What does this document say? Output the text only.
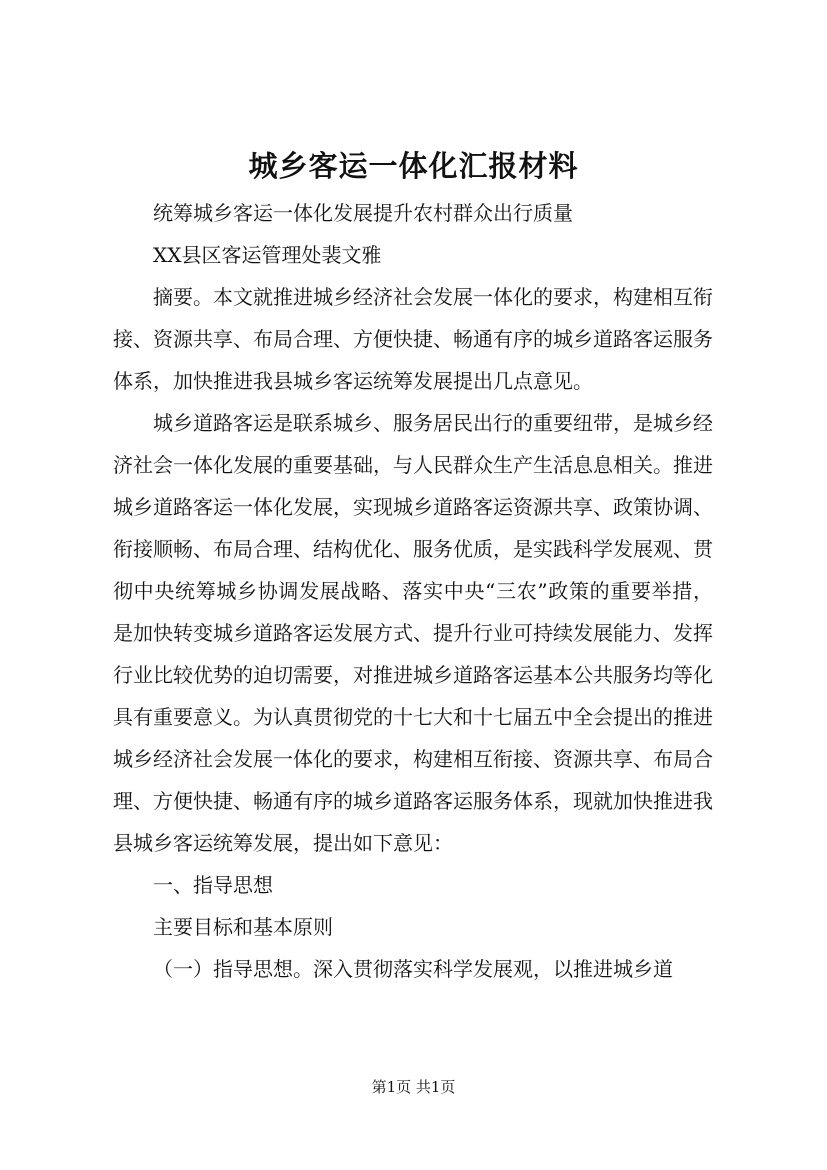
城乡客运一体化汇报材料

统筹城乡客运一体化发展提升农村群众出行质量

XX县区客运管理处裴文雅

摘要。本文就推进城乡经济社会发展一体化的要求，构建相互衔接、资源共享、布局合理、方便快捷、畅通有序的城乡道路客运服务体系，加快推进我县城乡客运统筹发展提出几点意见。

城乡道路客运是联系城乡、服务居民出行的重要纽带，是城乡经济社会一体化发展的重要基础，与人民群众生产生活息息相关。推进城乡道路客运一体化发展，实现城乡道路客运资源共享、政策协调、衔接顺畅、布局合理、结构优化、服务优质，是实践科学发展观、贯彻中央统筹城乡协调发展战略、落实中央“三农”政策的重要举措，是加快转变城乡道路客运发展方式、提升行业可持续发展能力、发挥行业比较优势的迫切需要，对推进城乡道路客运基本公共服务均等化具有重要意义。为认真贯彻党的十七大和十七届五中全会提出的推进城乡经济社会发展一体化的要求，构建相互衔接、资源共享、布局合理、方便快捷、畅通有序的城乡道路客运服务体系，现就加快推进我县城乡客运统筹发展，提出如下意见：

一、指导思想

主要目标和基本原则

（一）指导思想。深入贯彻落实科学发展观，以推进城乡道

第1页 共1页
